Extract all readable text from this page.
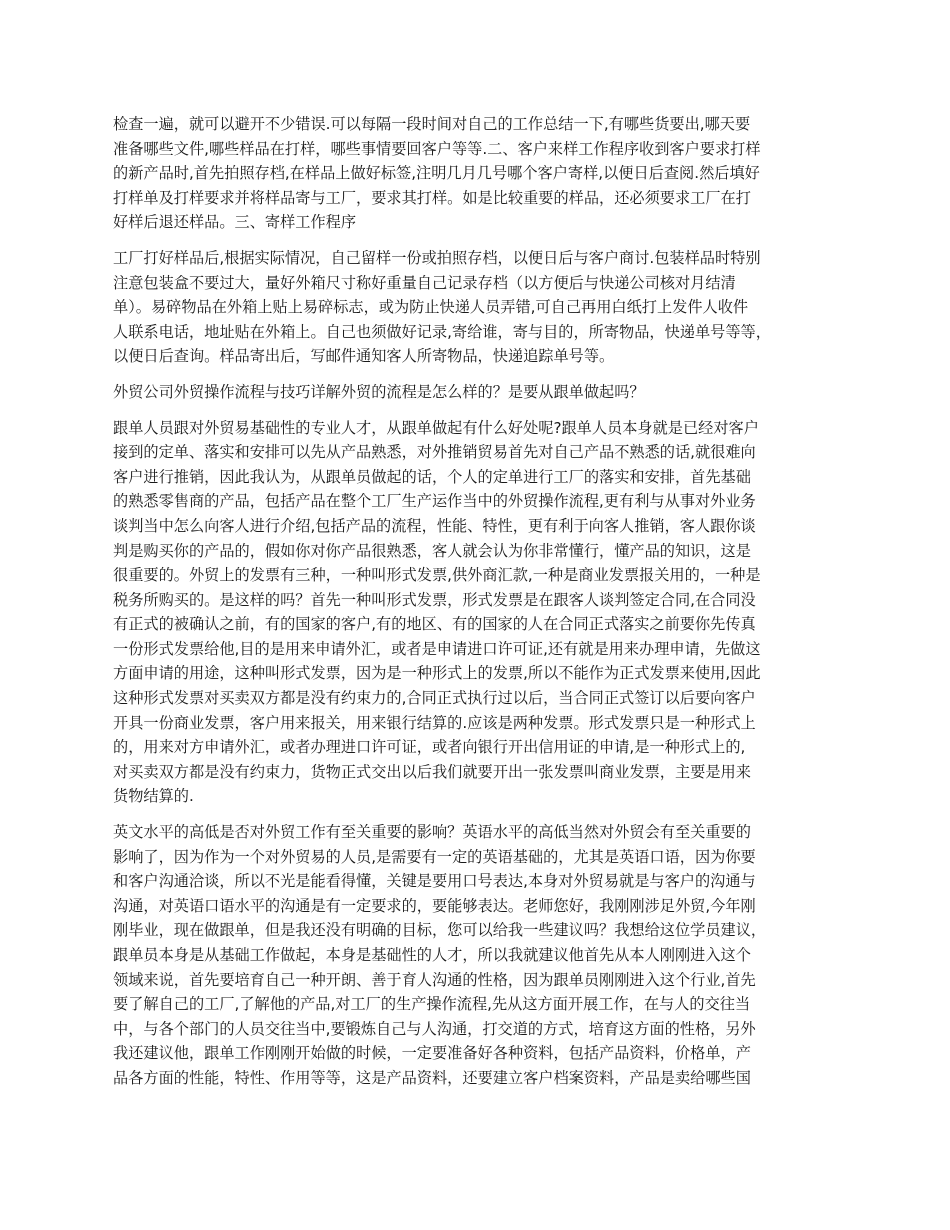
检查一遍，就可以避开不少错误.可以每隔一段时间对自己的工作总结一下,有哪些货要出,哪天要
准备哪些文件,哪些样品在打样，哪些事情要回客户等等.二、客户来样工作程序收到客户要求打样
的新产品时,首先拍照存档,在样品上做好标签,注明几月几号哪个客户寄样,以便日后查阅.然后填好
打样单及打样要求并将样品寄与工厂，要求其打样。如是比较重要的样品，还必须要求工厂在打
好样后退还样品。三、寄样工作程序

工厂打好样品后,根据实际情况，自己留样一份或拍照存档，以便日后与客户商讨.包装样品时特别
注意包装盒不要过大，量好外箱尺寸称好重量自己记录存档（以方便后与快递公司核对月结清
单）。易碎物品在外箱上贴上易碎标志，或为防止快递人员弄错,可自己再用白纸打上发件人收件
人联系电话，地址贴在外箱上。自己也须做好记录,寄给谁，寄与目的，所寄物品，快递单号等等，
以便日后查询。样品寄出后，写邮件通知客人所寄物品，快递追踪单号等。

外贸公司外贸操作流程与技巧详解外贸的流程是怎么样的？是要从跟单做起吗？

跟单人员跟对外贸易基础性的专业人才，从跟单做起有什么好处呢?跟单人员本身就是已经对客户
接到的定单、落实和安排可以先从产品熟悉，对外推销贸易首先对自己产品不熟悉的话,就很难向
客户进行推销，因此我认为，从跟单员做起的话，个人的定单进行工厂的落实和安排，首先基础
的熟悉零售商的产品，包括产品在整个工厂生产运作当中的外贸操作流程,更有利与从事对外业务
谈判当中怎么向客人进行介绍,包括产品的流程，性能、特性，更有利于向客人推销，客人跟你谈
判是购买你的产品的，假如你对你产品很熟悉，客人就会认为你非常懂行，懂产品的知识，这是
很重要的。外贸上的发票有三种，一种叫形式发票,供外商汇款,一种是商业发票报关用的，一种是
税务所购买的。是这样的吗？首先一种叫形式发票，形式发票是在跟客人谈判签定合同,在合同没
有正式的被确认之前，有的国家的客户,有的地区、有的国家的人在合同正式落实之前要你先传真
一份形式发票给他,目的是用来申请外汇，或者是申请进口许可证,还有就是用来办理申请，先做这
方面申请的用途，这种叫形式发票，因为是一种形式上的发票,所以不能作为正式发票来使用,因此
这种形式发票对买卖双方都是没有约束力的,合同正式执行过以后，当合同正式签订以后要向客户
开具一份商业发票，客户用来报关，用来银行结算的.应该是两种发票。形式发票只是一种形式上
的，用来对方申请外汇，或者办理进口许可证，或者向银行开出信用证的申请,是一种形式上的,
对买卖双方都是没有约束力，货物正式交出以后我们就要开出一张发票叫商业发票，主要是用来
货物结算的.

英文水平的高低是否对外贸工作有至关重要的影响？英语水平的高低当然对外贸会有至关重要的
影响了，因为作为一个对外贸易的人员,是需要有一定的英语基础的，尤其是英语口语，因为你要
和客户沟通洽谈，所以不光是能看得懂，关键是要用口号表达,本身对外贸易就是与客户的沟通与
沟通，对英语口语水平的沟通是有一定要求的，要能够表达。老师您好，我刚刚涉足外贸,今年刚
刚毕业，现在做跟单，但是我还没有明确的目标，您可以给我一些建议吗？我想给这位学员建议，
跟单员本身是从基础工作做起，本身是基础性的人才，所以我就建议他首先从本人刚刚进入这个
领域来说，首先要培育自己一种开朗、善于育人沟通的性格，因为跟单员刚刚进入这个行业,首先
要了解自己的工厂,了解他的产品,对工厂的生产操作流程,先从这方面开展工作，在与人的交往当
中，与各个部门的人员交往当中,要锻炼自己与人沟通，打交道的方式，培育这方面的性格，另外
我还建议他，跟单工作刚刚开始做的时候，一定要准备好各种资料，包括产品资料，价格单，产
品各方面的性能，特性、作用等等，这是产品资料，还要建立客户档案资料，产品是卖给哪些国
